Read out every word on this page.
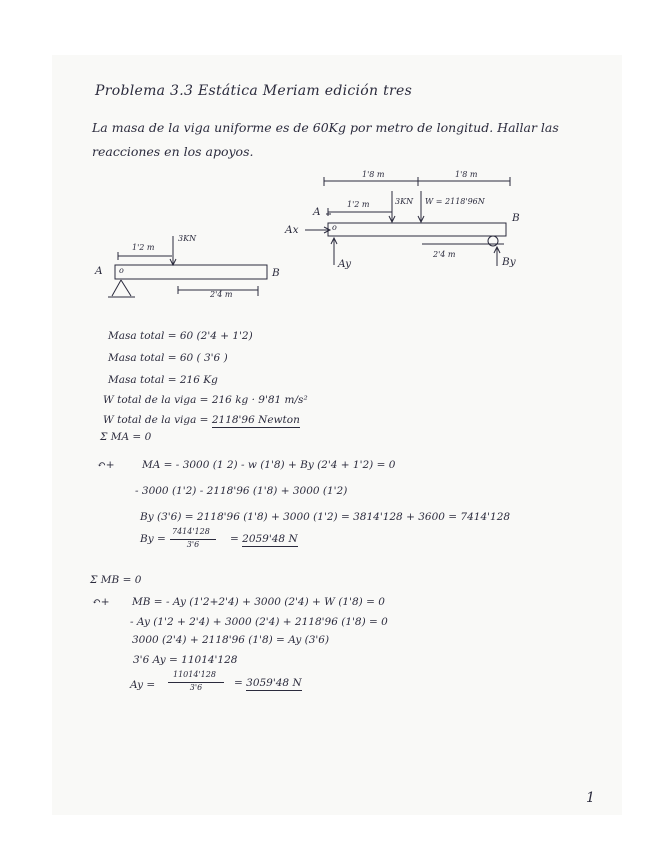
Problema 3.3 Estática Meriam edición tres
La masa de la viga uniforme es de 60Kg por metro de longitud. Hallar las reacciones en los apoyos.
A	B
o
1'2 m
3KN
2'4 m
1'8 m	1'8 m
1'2 m	3KN W = 2118'96N
A	B
Ax	o
Ay
2'4 m
By
Masa total = 60 (2'4 + 1'2)
Masa total = 60 ( 3'6 )
Masa total = 216 Kg
W total de la viga = 216 kg · 9'81 m/s²
W total de la viga = 2118'96 Newton
Σ MA = 0
↶+	MA = - 3000 (1 2) - w (1'8) + By (2'4 + 1'2) = 0
- 3000 (1'2) - 2118'96 (1'8) + 3000 (1'2)
By (3'6) = 2118'96 (1'8) + 3000 (1'2) = 3814'128 + 3600 = 7414'128
By =
7414'128
3'6	= 2059'48 N
Σ MB = 0
↶+ MB = - Ay (1'2+2'4) + 3000 (2'4) + W (1'8) = 0
- Ay (1'2 + 2'4) + 3000 (2'4) + 2118'96 (1'8) = 0
3000 (2'4) + 2118'96 (1'8) = Ay (3'6)
3'6 Ay = 11014'128
Ay =
11014'128
3'6	= 3059'48 N
1
